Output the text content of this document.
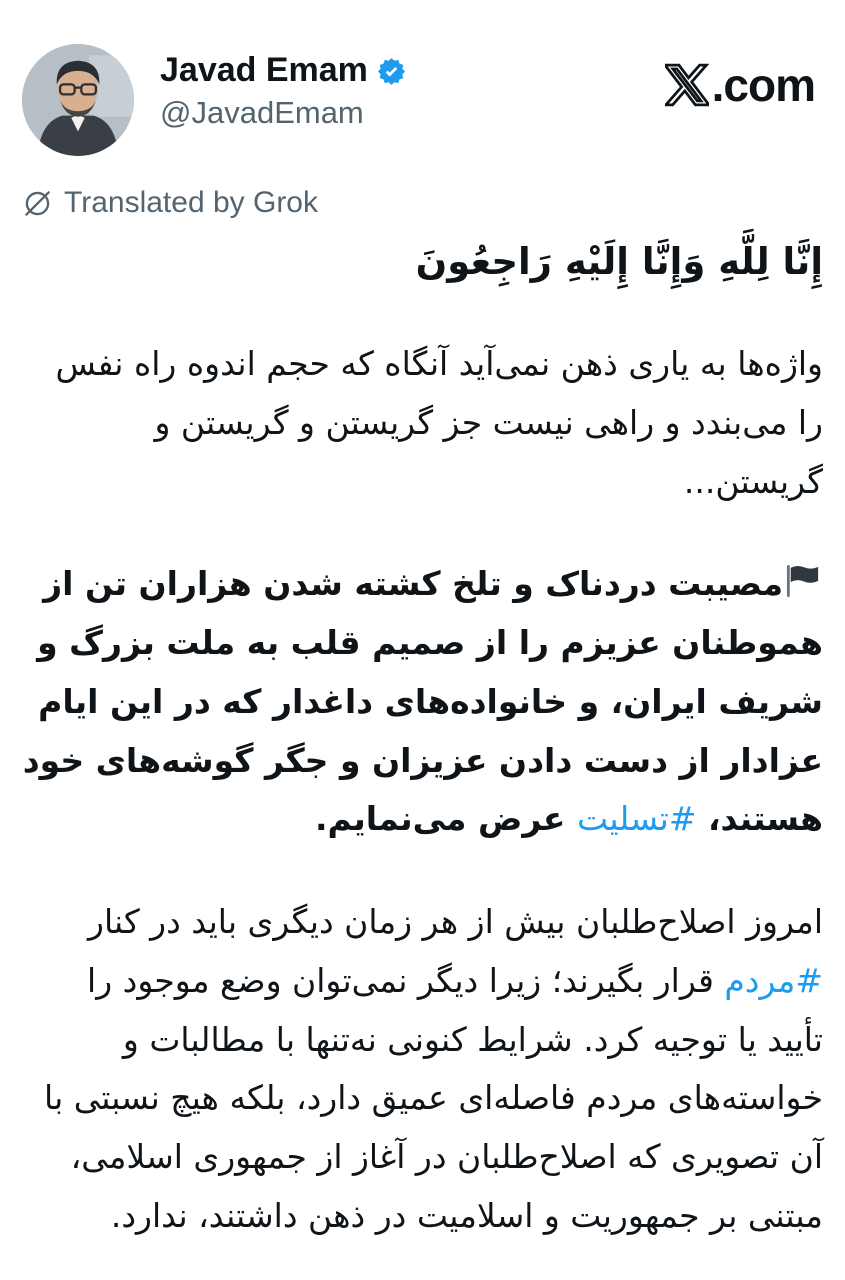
Javad Emam
@JavadEmam
.com
Translated by Grok
إِنَّا لِلَّهِ وَإِنَّا إِلَيْهِ رَاجِعُونَ

واژه‌ها به یاری ذهن نمی‌آید آنگاه که حجم اندوه راه نفس را می‌بندد و راهی نیست جز گریستن و گریستن و گریستن...

مصیبت دردناک و تلخ کشته شدن هزاران تن از هموطنان عزیزم را از صمیم قلب به ملت بزرگ و شریف ایران، و خانواده‌های داغدار که در این ایام عزادار از دست دادن عزیزان و جگر گوشه‌های خود هستند، #تسلیت عرض می‌نمایم.

امروز اصلاح‌طلبان بیش از هر زمان دیگری باید در کنار #مردم قرار بگیرند؛ زیرا دیگر نمی‌توان وضع موجود را تأیید یا توجیه کرد. شرایط کنونی نه‌تنها با مطالبات و خواسته‌های مردم فاصله‌ای عمیق دارد، بلکه هیچ نسبتی با آن تصویری که اصلاح‌طلبان در آغاز از جمهوری اسلامی، مبتنی بر جمهوریت و اسلامیت در ذهن داشتند، ندارد.
